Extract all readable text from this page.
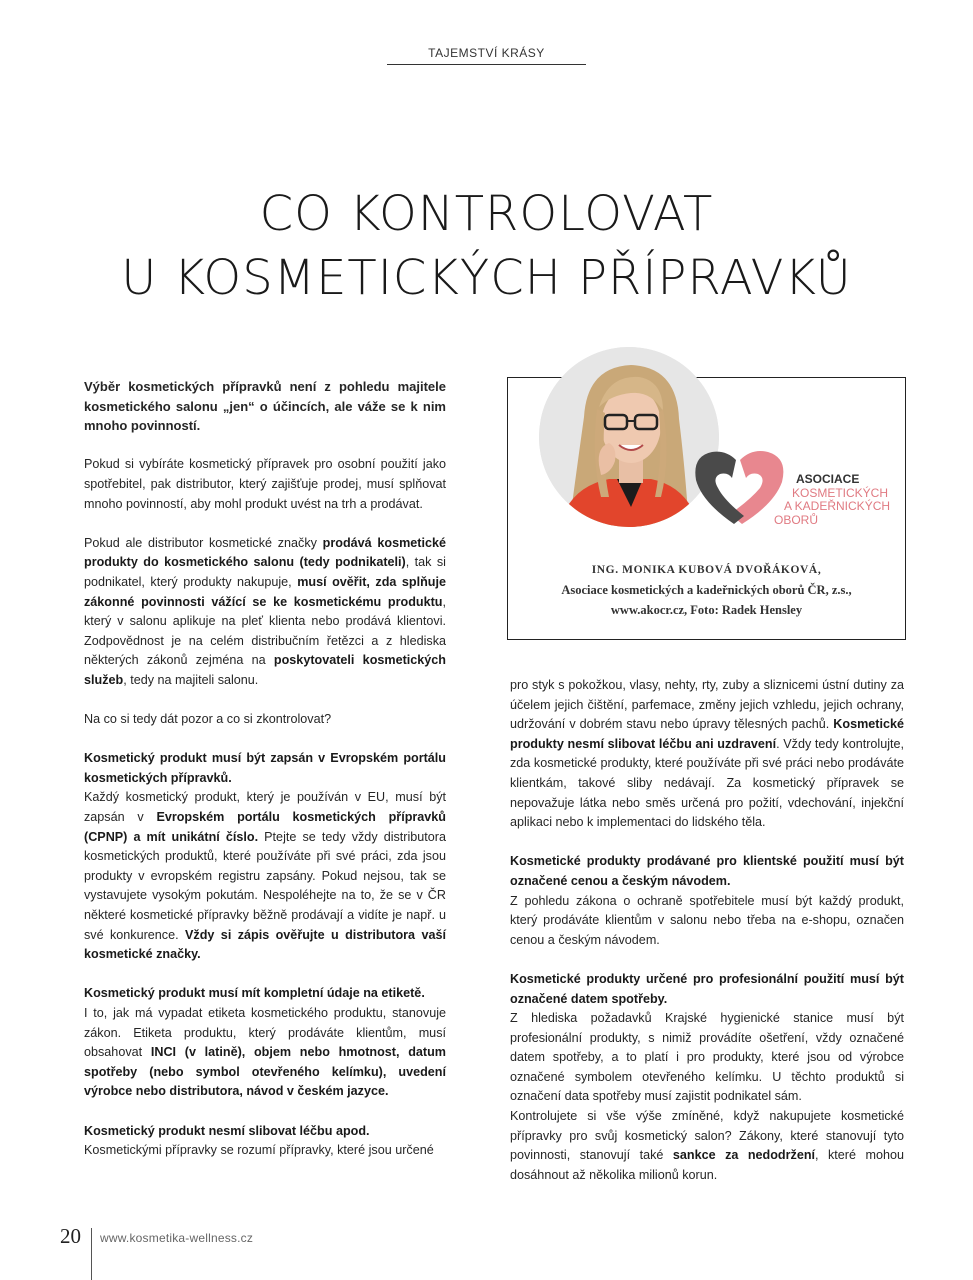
TAJEMSTVÍ KRÁSY
CO KONTROLOVAT
U KOSMETICKÝCH PŘÍPRAVKŮ
ASOCIACE
KOSMETICKÝCH
A KADEŘNICKÝCH
OBORŮ
ING. MONIKA KUBOVÁ DVOŘÁKOVÁ,
Asociace kosmetických a kadeřnických oborů ČR, z.s.,
www.akocr.cz, Foto: Radek Hensley

Výběr kosmetických přípravků není z pohledu majitele kosmetického salonu „jen“ o účincích, ale váže se k nim mnoho povinností.

Pokud si vybíráte kosmetický přípravek pro osobní použití jako spotřebitel, pak distributor, který zajišťuje prodej, musí splňovat mnoho povinností, aby mohl produkt uvést na trh a prodávat.

Pokud ale distributor kosmetické značky prodává kosmetické produkty do kosmetického salonu (tedy podnikateli), tak si podnikatel, který produkty nakupuje, musí ověřit, zda splňuje zákonné povinnosti vážící se ke kosmetickému produktu, který v salonu aplikuje na pleť klienta nebo prodává klientovi. Zodpovědnost je na celém distribučním řetězci a z hlediska některých zákonů zejména na poskytovateli kosmetických služeb, tedy na majiteli salonu.

Na co si tedy dát pozor a co si zkontrolovat?

Kosmetický produkt musí být zapsán v Evropském portálu kosmetických přípravků.

Každý kosmetický produkt, který je používán v EU, musí být zapsán v Evropském portálu kosmetických přípravků (CPNP) a mít unikátní číslo. Ptejte se tedy vždy distributora kosmetických produktů, které používáte při své práci, zda jsou produkty v evropském registru zapsány. Pokud nejsou, tak se vystavujete vysokým pokutám. Nespoléhejte na to, že se v ČR některé kosmetické přípravky běžně prodávají a vidíte je např. u své konkurence. Vždy si zápis ověřujte u distributora vaší kosmetické značky.

Kosmetický produkt musí mít kompletní údaje na etiketě.

I to, jak má vypadat etiketa kosmetického produktu, stanovuje zákon. Etiketa produktu, který prodáváte klientům, musí obsahovat INCI (v latině), objem nebo hmotnost, datum spotřeby (nebo symbol otevřeného kelímku), uvedení výrobce nebo distributora, návod v českém jazyce.

Kosmetický produkt nesmí slibovat léčbu apod.

Kosmetickými přípravky se rozumí přípravky, které jsou určené

pro styk s pokožkou, vlasy, nehty, rty, zuby a sliznicemi ústní dutiny za účelem jejich čištění, parfemace, změny jejich vzhledu, jejich ochrany, udržování v dobrém stavu nebo úpravy tělesných pachů. Kosmetické produkty nesmí slibovat léčbu ani uzdravení. Vždy tedy kontrolujte, zda kosmetické produkty, které používáte při své práci nebo prodáváte klientkám, takové sliby nedávají. Za kosmetický přípravek se nepovažuje látka nebo směs určená pro požití, vdechování, injekční aplikaci nebo k implementaci do lidského těla.

Kosmetické produkty prodávané pro klientské použití musí být označené cenou a českým návodem.

Z pohledu zákona o ochraně spotřebitele musí být každý produkt, který prodáváte klientům v salonu nebo třeba na e-shopu, označen cenou a českým návodem.

Kosmetické produkty určené pro profesionální použití musí být označené datem spotřeby.

Z hlediska požadavků Krajské hygienické stanice musí být profesionální produkty, s nimiž provádíte ošetření, vždy označené datem spotřeby, a to platí i pro produkty, které jsou od výrobce označené symbolem otevřeného kelímku. U těchto produktů si označení data spotřeby musí zajistit podnikatel sám.

Kontrolujete si vše výše zmíněné, když nakupujete kosmetické přípravky pro svůj kosmetický salon? Zákony, které stanovují tyto povinnosti, stanovují také sankce za nedodržení, které mohou dosáhnout až několika milionů korun.

20 www.kosmetika-wellness.cz
